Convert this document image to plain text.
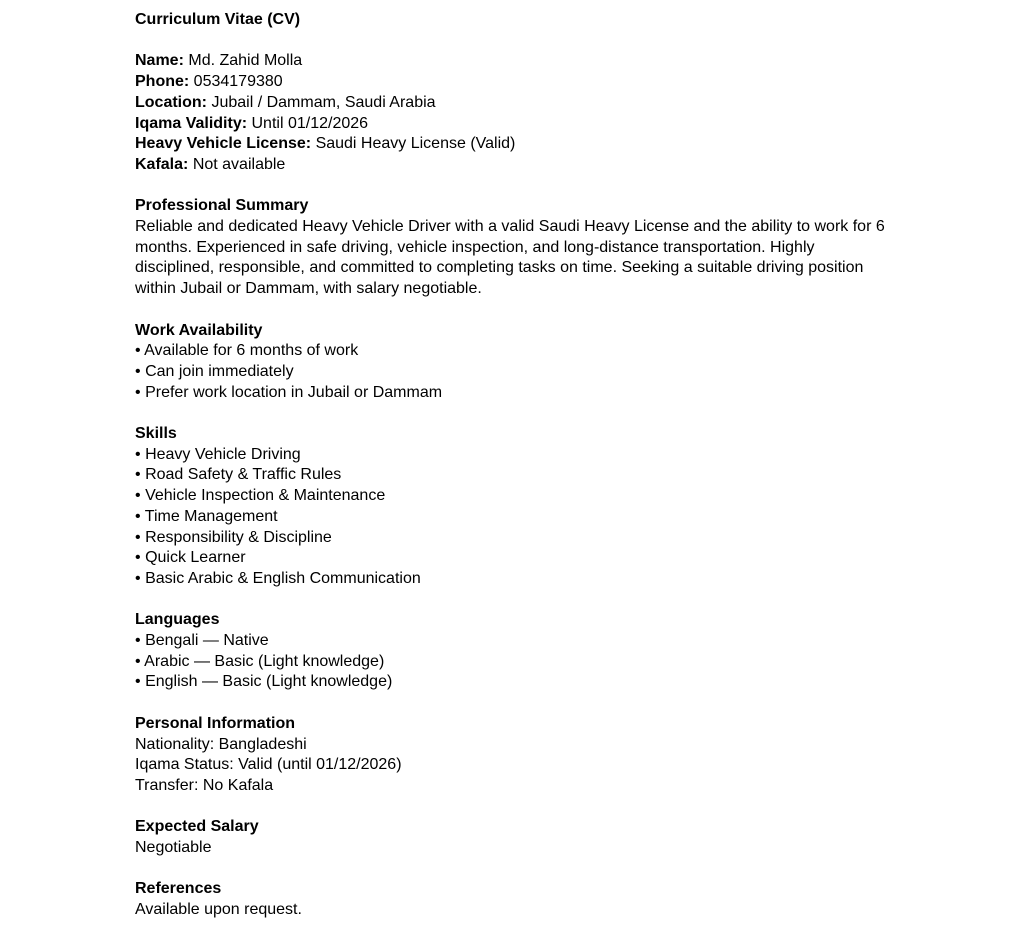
Curriculum Vitae (CV)
Name: Md. Zahid Molla
Phone: 0534179380
Location: Jubail / Dammam, Saudi Arabia
Iqama Validity: Until 01/12/2026
Heavy Vehicle License: Saudi Heavy License (Valid)
Kafala: Not available
Professional Summary
Reliable and dedicated Heavy Vehicle Driver with a valid Saudi Heavy License and the ability to work for 6 months. Experienced in safe driving, vehicle inspection, and long-distance transportation. Highly disciplined, responsible, and committed to completing tasks on time. Seeking a suitable driving position within Jubail or Dammam, with salary negotiable.
Work Availability
• Available for 6 months of work
• Can join immediately
• Prefer work location in Jubail or Dammam
Skills
• Heavy Vehicle Driving
• Road Safety & Traffic Rules
• Vehicle Inspection & Maintenance
• Time Management
• Responsibility & Discipline
• Quick Learner
• Basic Arabic & English Communication
Languages
• Bengali — Native
• Arabic — Basic (Light knowledge)
• English — Basic (Light knowledge)
Personal Information
Nationality: Bangladeshi
Iqama Status: Valid (until 01/12/2026)
Transfer: No Kafala
Expected Salary
Negotiable
References
Available upon request.
